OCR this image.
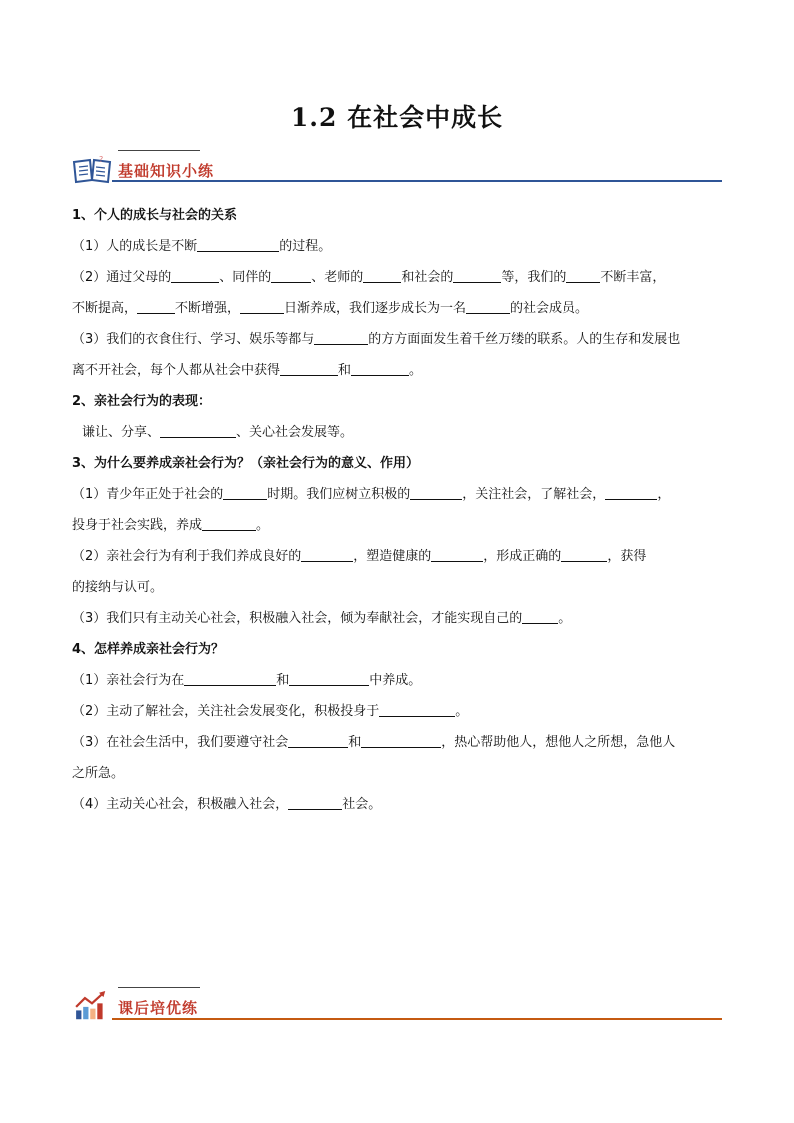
1.2 在社会中成长
?
基础知识小练

1、个人的成长与社会的关系

（1）人的成长是不断	的过程。

（2）通过父母的	、同伴的	、老师的	和社会的	等，我们的	不断丰富，
不断提高，	不断增强，	日渐养成，我们逐步成长为一名	的社会成员。

（3）我们的衣食住行、学习、娱乐等都与	的方方面面发生着千丝万缕的联系。人的生存和发展也
离不开社会，每个人都从社会中获得	和	。

2、亲社会行为的表现：

谦让、分享、	、关心社会发展等。

3、为什么要养成亲社会行为？（亲社会行为的意义、作用）

（1）青少年正处于社会的	时期。我们应树立积极的	，关注社会，了解社会，	，
投身于社会实践，养成	。

（2）亲社会行为有利于我们养成良好的	，塑造健康的	，形成正确的	，获得
的接纳与认可。

（3）我们只有主动关心社会，积极融入社会，倾为奉献社会，才能实现自己的	。

4、怎样养成亲社会行为？

（1）亲社会行为在	和	中养成。

（2）主动了解社会，关注社会发展变化，积极投身于	。

（3）在社会生活中，我们要遵守社会	和	，热心帮助他人，想他人之所想，急他人
之所急。

（4）主动关心社会，积极融入社会，	社会。

课后培优练
